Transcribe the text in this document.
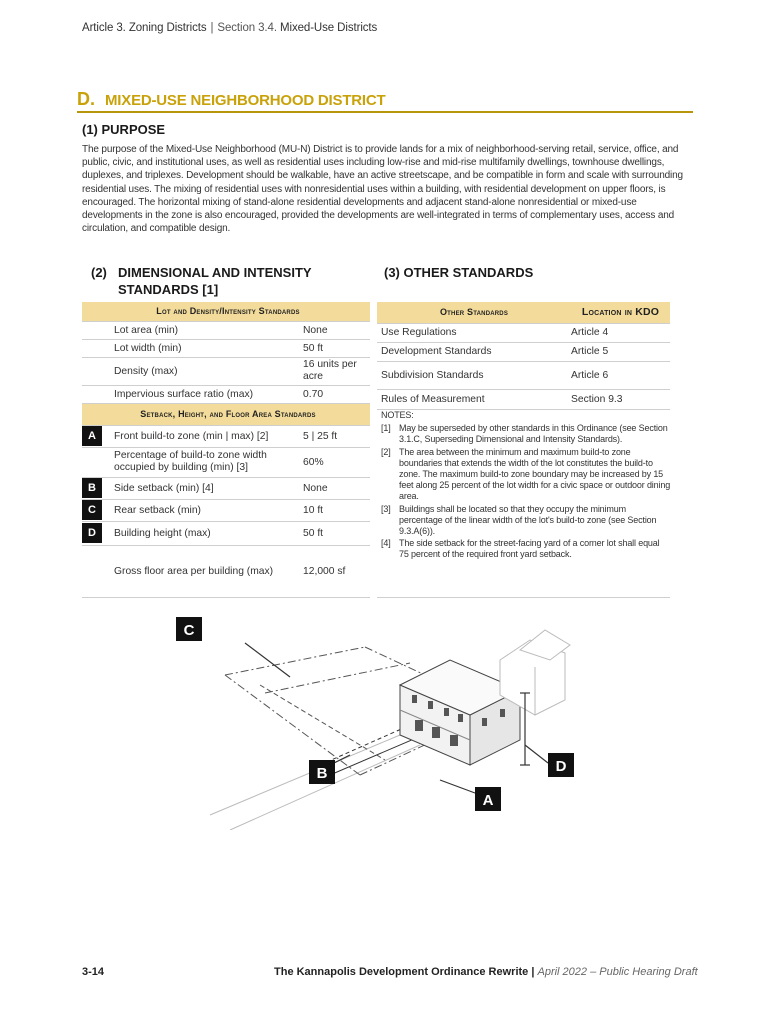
Article 3. Zoning Districts | Section 3.4. Mixed-Use Districts
D. MIXED-USE NEIGHBORHOOD DISTRICT
(1) PURPOSE
The purpose of the Mixed-Use Neighborhood (MU-N) District is to provide lands for a mix of neighborhood-serving retail, service, office, and public, civic, and institutional uses, as well as residential uses including low-rise and mid-rise multifamily dwellings, townhouse dwellings, duplexes, and triplexes. Development should be walkable, have an active streetscape, and be compatible in form and scale with surrounding residential uses. The mixing of residential uses with nonresidential uses within a building, with residential development on upper floors, is encouraged. The horizontal mixing of stand-alone residential developments and adjacent stand-alone nonresidential or mixed-use developments in the zone is also encouraged, provided the developments are well-integrated in terms of complementary uses, access and circulation, and compatible design.
(2) DIMENSIONAL AND INTENSITY
STANDARDS [1]
(3) OTHER STANDARDS
Lot and Density/Intensity Standards		
	Lot area (min)	None
	Lot width (min)	50 ft
	Density (max)	16 units per acre
	Impervious surface ratio (max)	0.70
Setback, Height, and Floor Area Standards		
A	Front build-to zone (min | max) [2]	5 | 25 ft
	Percentage of build-to zone width occupied by building (min) [3]	60%
B	Side setback (min) [4]	None
C	Rear setback (min)	10 ft
D	Building height (max)	50 ft
	Gross floor area per building (max)	12,000 sf
Other Standards	Location in KDO
Use Regulations	Article 4
Development Standards	Article 5
Subdivision Standards	Article 6
Rules of Measurement	Section 9.3
NOTES:
[1] May be superseded by other standards in this Ordinance (see Section 3.1.C, Superseding Dimensional and Intensity Standards).
[2] The area between the minimum and maximum build-to zone boundaries that extends the width of the lot constitutes the build-to zone. The maximum build-to zone boundary may be increased by 15 feet along 25 percent of the lot width for a civic space or outdoor dining area.
[3] Buildings shall be located so that they occupy the minimum percentage of the linear width of the lot's build-to zone (see Section 9.3.A(6)).
[4] The side setback for the street-facing yard of a corner lot shall equal 75 percent of the required front yard setback.
C
B	D
A
3-14	The Kannapolis Development Ordinance Rewrite | April 2022 – Public Hearing Draft
